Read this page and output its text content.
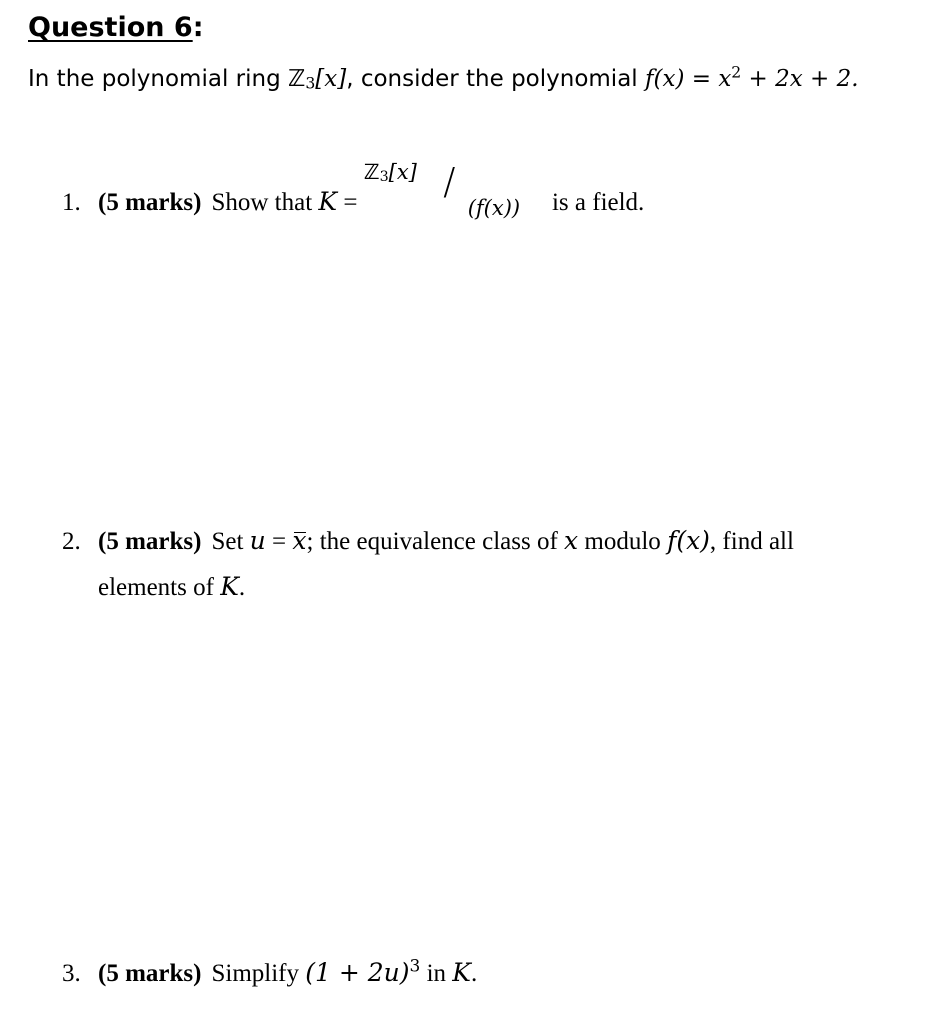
Question 6:
In the polynomial ring ℤ$_3$[x], consider the polynomial $f(x) = x^2 + 2x + 2$.
1. (5 marks) Show that K =
ℤ$_3$[x] /
(f(x)) is a field.
2. (5 marks) Set u = x; the equivalence class of x modulo f(x), find all
elements of K.
3. (5 marks) Simplify $(1 + 2u)^3$ in K.
